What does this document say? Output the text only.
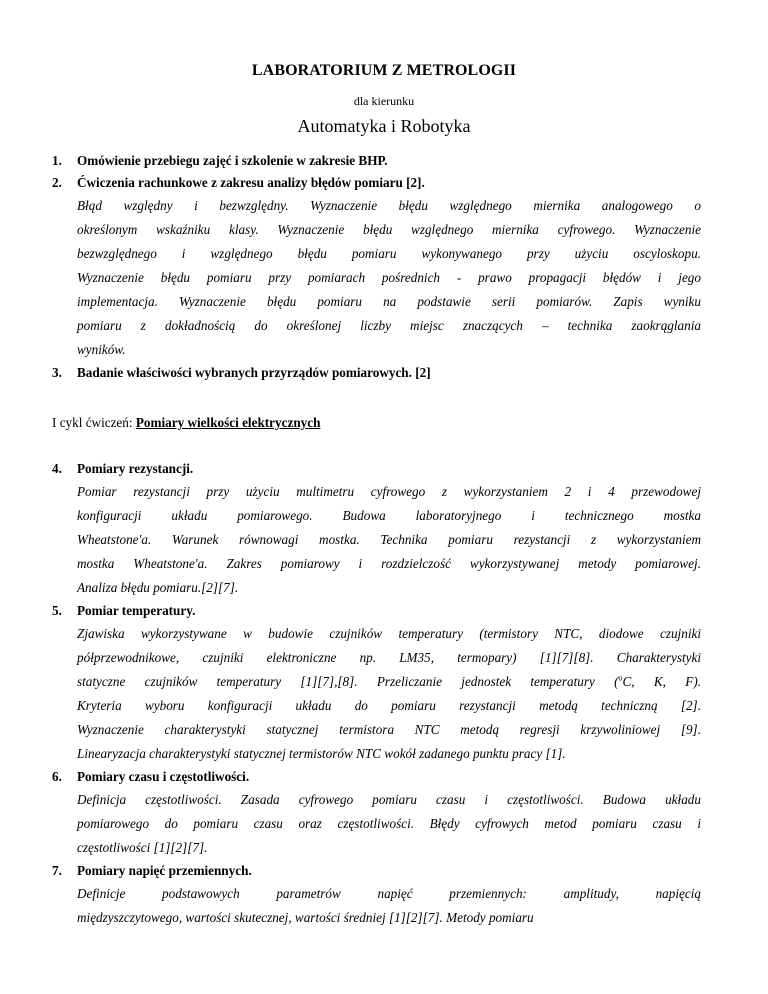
LABORATORIUM Z METROLOGII
dla kierunku
Automatyka i Robotyka
1. Omówienie przebiegu zajęć i szkolenie w zakresie BHP.
2. Ćwiczenia rachunkowe z zakresu analizy błędów pomiaru [2].
Błąd względny i bezwzględny. Wyznaczenie błędu względnego miernika analogowego o
określonym wskaźniku klasy. Wyznaczenie błędu względnego miernika cyfrowego. Wyznaczenie
bezwzględnego i względnego błędu pomiaru wykonywanego przy użyciu oscyloskopu.
Wyznaczenie błędu pomiaru przy pomiarach pośrednich - prawo propagacji błędów i jego
implementacja. Wyznaczenie błędu pomiaru na podstawie serii pomiarów. Zapis wyniku
pomiaru z dokładnością do określonej liczby miejsc znaczących – technika zaokrąglania
wyników.
3. Badanie właściwości wybranych przyrządów pomiarowych. [2]
I cykl ćwiczeń: Pomiary wielkości elektrycznych
4. Pomiary rezystancji.
Pomiar rezystancji przy użyciu multimetru cyfrowego z wykorzystaniem 2 i 4 przewodowej
konfiguracji układu pomiarowego. Budowa laboratoryjnego i technicznego mostka
Wheatstone'a. Warunek równowagi mostka. Technika pomiaru rezystancji z wykorzystaniem
mostka Wheatstone'a. Zakres pomiarowy i rozdzielczość wykorzystywanej metody pomiarowej.
Analiza błędu pomiaru.[2][7].
5. Pomiar temperatury.
Zjawiska wykorzystywane w budowie czujników temperatury (termistory NTC, diodowe czujniki
półprzewodnikowe, czujniki elektroniczne np. LM35, termopary) [1][7][8]. Charakterystyki
statyczne czujników temperatury [1][7],[8]. Przeliczanie jednostek temperatury ($^o$C, K, F).
Kryteria wyboru konfiguracji układu do pomiaru rezystancji metodą techniczną [2].
Wyznaczenie charakterystyki statycznej termistora NTC metodą regresji krzywoliniowej [9].
Linearyzacja charakterystyki statycznej termistorów NTC wokół zadanego punktu pracy [1].
6. Pomiary czasu i częstotliwości.
Definicja częstotliwości. Zasada cyfrowego pomiaru czasu i częstotliwości. Budowa układu
pomiarowego do pomiaru czasu oraz częstotliwości. Błędy cyfrowych metod pomiaru czasu i
częstotliwości [1][2][7].
7. Pomiary napięć przemiennych.
Definicje podstawowych parametrów napięć przemiennych: amplitudy, napięcią
międzyszczytowego, wartości skutecznej, wartości średniej [1][2][7]. Metody pomiaru
